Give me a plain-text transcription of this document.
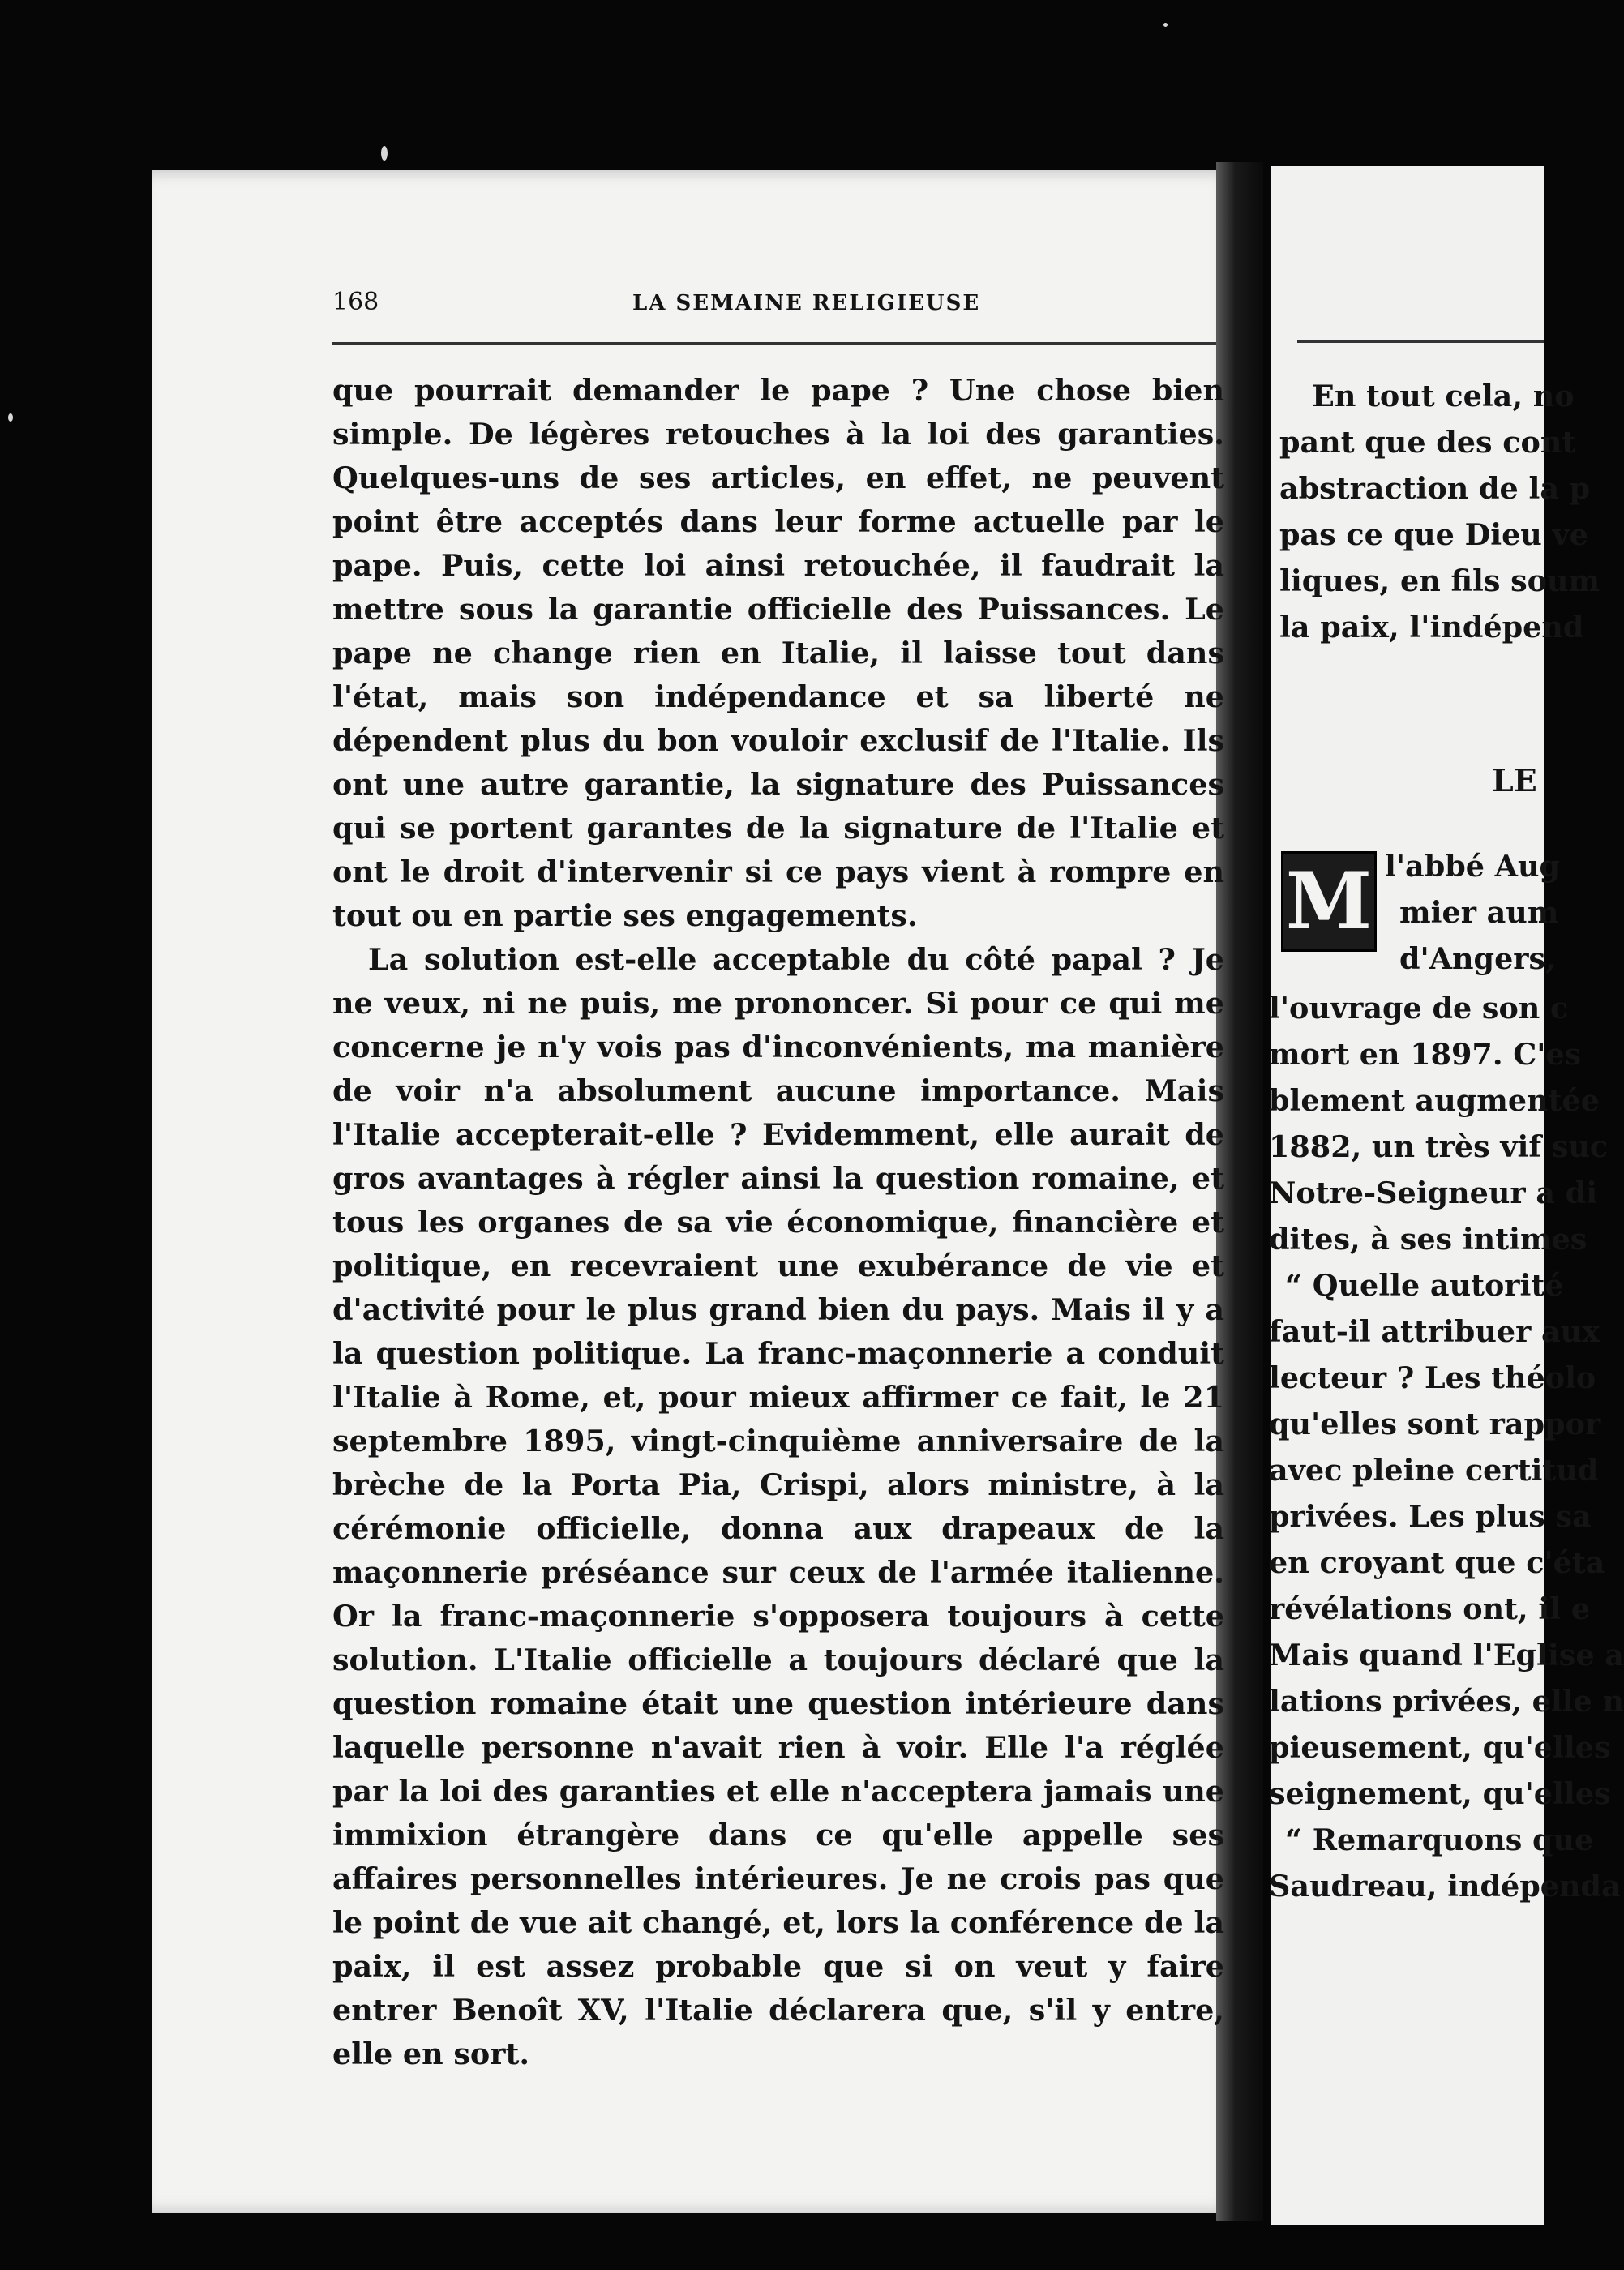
168	LA SEMAINE RELIGIEUSE

que pourrait demander le pape ? Une chose bien simple. De légères retouches à la loi des garanties. Quelques-uns de ses articles, en effet, ne peuvent point être acceptés dans leur forme actuelle par le pape. Puis, cette loi ainsi retouchée, il faudrait la mettre sous la garantie officielle des Puissances. Le pape ne change rien en Italie, il laisse tout dans l'état, mais son indépendance et sa liberté ne dépendent plus du bon vouloir exclusif de l'Italie. Ils ont une autre garantie, la signature des Puissances qui se portent garantes de la signature de l'Italie et ont le droit d'intervenir si ce pays vient à rompre en tout ou en partie ses engagements.

La solution est-elle acceptable du côté papal ? Je ne veux, ni ne puis, me prononcer. Si pour ce qui me concerne je n'y vois pas d'inconvénients, ma manière de voir n'a absolument aucune importance. Mais l'Italie accepterait-elle ? Evidemment, elle aurait de gros avantages à régler ainsi la question romaine, et tous les organes de sa vie économique, financière et politique, en recevraient une exubérance de vie et d'activité pour le plus grand bien du pays. Mais il y a la question politique. La franc-maçonnerie a conduit l'Italie à Rome, et, pour mieux affirmer ce fait, le 21 septembre 1895, vingt-cinquième anniversaire de la brèche de la Porta Pia, Crispi, alors ministre, à la cérémonie officielle, donna aux drapeaux de la maçonnerie préséance sur ceux de l'armée italienne. Or la franc-maçonnerie s'opposera toujours à cette solution. L'Italie officielle a toujours déclaré que la question romaine était une question intérieure dans laquelle personne n'avait rien à voir. Elle l'a réglée par la loi des garanties et elle n'acceptera jamais une immixion étrangère dans ce qu'elle appelle ses affaires personnelles intérieures. Je ne crois pas que le point de vue ait changé, et, lors la conférence de la paix, il est assez probable que si on veut y faire entrer Benoît XV, l'Italie déclarera que, s'il y entre, elle en sort.

En tout cela, no
pant que des cont
abstraction de la p
pas ce que Dieu ve
liques, en fils soum
la paix, l'indépend
LE
M l'abbé Aug
mier aum
d'Angers,
l'ouvrage de son c
mort en 1897. C'es
blement augmentée
1882, un très vif suc
Notre-Seigneur a di
dites, à ses intimes
“ Quelle autorité
faut-il attribuer aux
lecteur ? Les théolo
qu'elles sont rappor
avec pleine certitud
privées. Les plus sa
en croyant que c'éta
révélations ont, il e
Mais quand l'Eglise a
lations privées, elle n
pieusement, qu'elles
seignement, qu'elles
“ Remarquons que
Saudreau, indépenda
